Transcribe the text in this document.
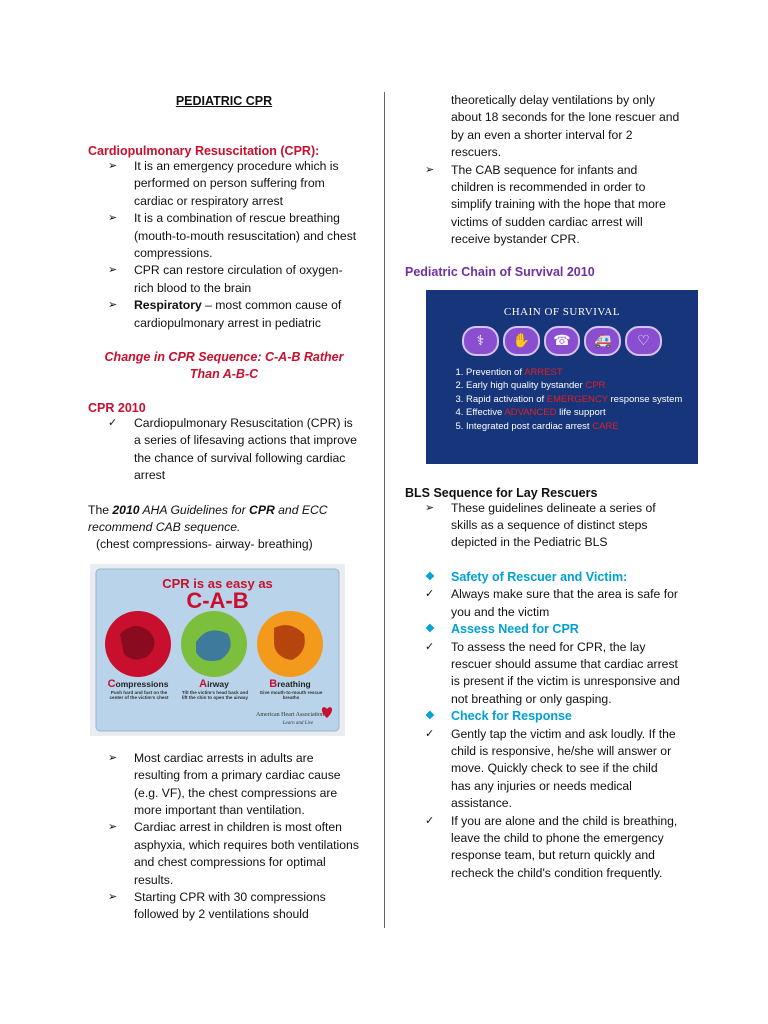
PEDIATRIC CPR
Cardiopulmonary Resuscitation (CPR):
➢ It is an emergency procedure which is performed on person suffering from cardiac or respiratory arrest
➢ It is a combination of rescue breathing (mouth-to-mouth resuscitation) and chest compressions.
➢ CPR can restore circulation of oxygen-rich blood to the brain
➢ Respiratory – most common cause of cardiopulmonary arrest in pediatric
Change in CPR Sequence: C-A-B Rather Than A-B-C
CPR 2010
✓ Cardiopulmonary Resuscitation (CPR) is a series of lifesaving actions that improve the chance of survival following cardiac arrest
The 2010 AHA Guidelines for CPR and ECC recommend CAB sequence.
(chest compressions- airway- breathing)
CPR is as easy as
C-A-B
Compressions	Airway	Breathing
Push hard and fast on the center of the victim's chest
Tilt the victim's head back and lift the chin to open the airway
Give mouth-to-mouth rescue breaths
American Heart Association
Learn and Live
➢ Most cardiac arrests in adults are resulting from a primary cardiac cause (e.g. VF), the chest compressions are more important than ventilation.
➢ Cardiac arrest in children is most often asphyxia, which requires both ventilations and chest compressions for optimal results.
➢ Starting CPR with 30 compressions followed by 2 ventilations should
theoretically delay ventilations by only about 18 seconds for the lone rescuer and by an even a shorter interval for 2 rescuers.
➢ The CAB sequence for infants and children is recommended in order to simplify training with the hope that more victims of sudden cardiac arrest will receive bystander CPR.
Pediatric Chain of Survival 2010
CHAIN OF SURVIVAL
⚕	✋	☎	🚑	♡
1. Prevention of ARREST
2. Early high quality bystander CPR
3. Rapid activation of EMERGENCY response system
4. Effective ADVANCED life support
5. Integrated post cardiac arrest CARE
BLS Sequence for Lay Rescuers
➢ These guidelines delineate a series of skills as a sequence of distinct steps depicted in the Pediatric BLS
❖ Safety of Rescuer and Victim:
✓ Always make sure that the area is safe for you and the victim
❖ Assess Need for CPR
✓ To assess the need for CPR, the lay rescuer should assume that cardiac arrest is present if the victim is unresponsive and not breathing or only gasping.
❖ Check for Response
✓ Gently tap the victim and ask loudly. If the child is responsive, he/she will answer or move. Quickly check to see if the child has any injuries or needs medical assistance.
✓ If you are alone and the child is breathing, leave the child to phone the emergency response team, but return quickly and recheck the child's condition frequently.
